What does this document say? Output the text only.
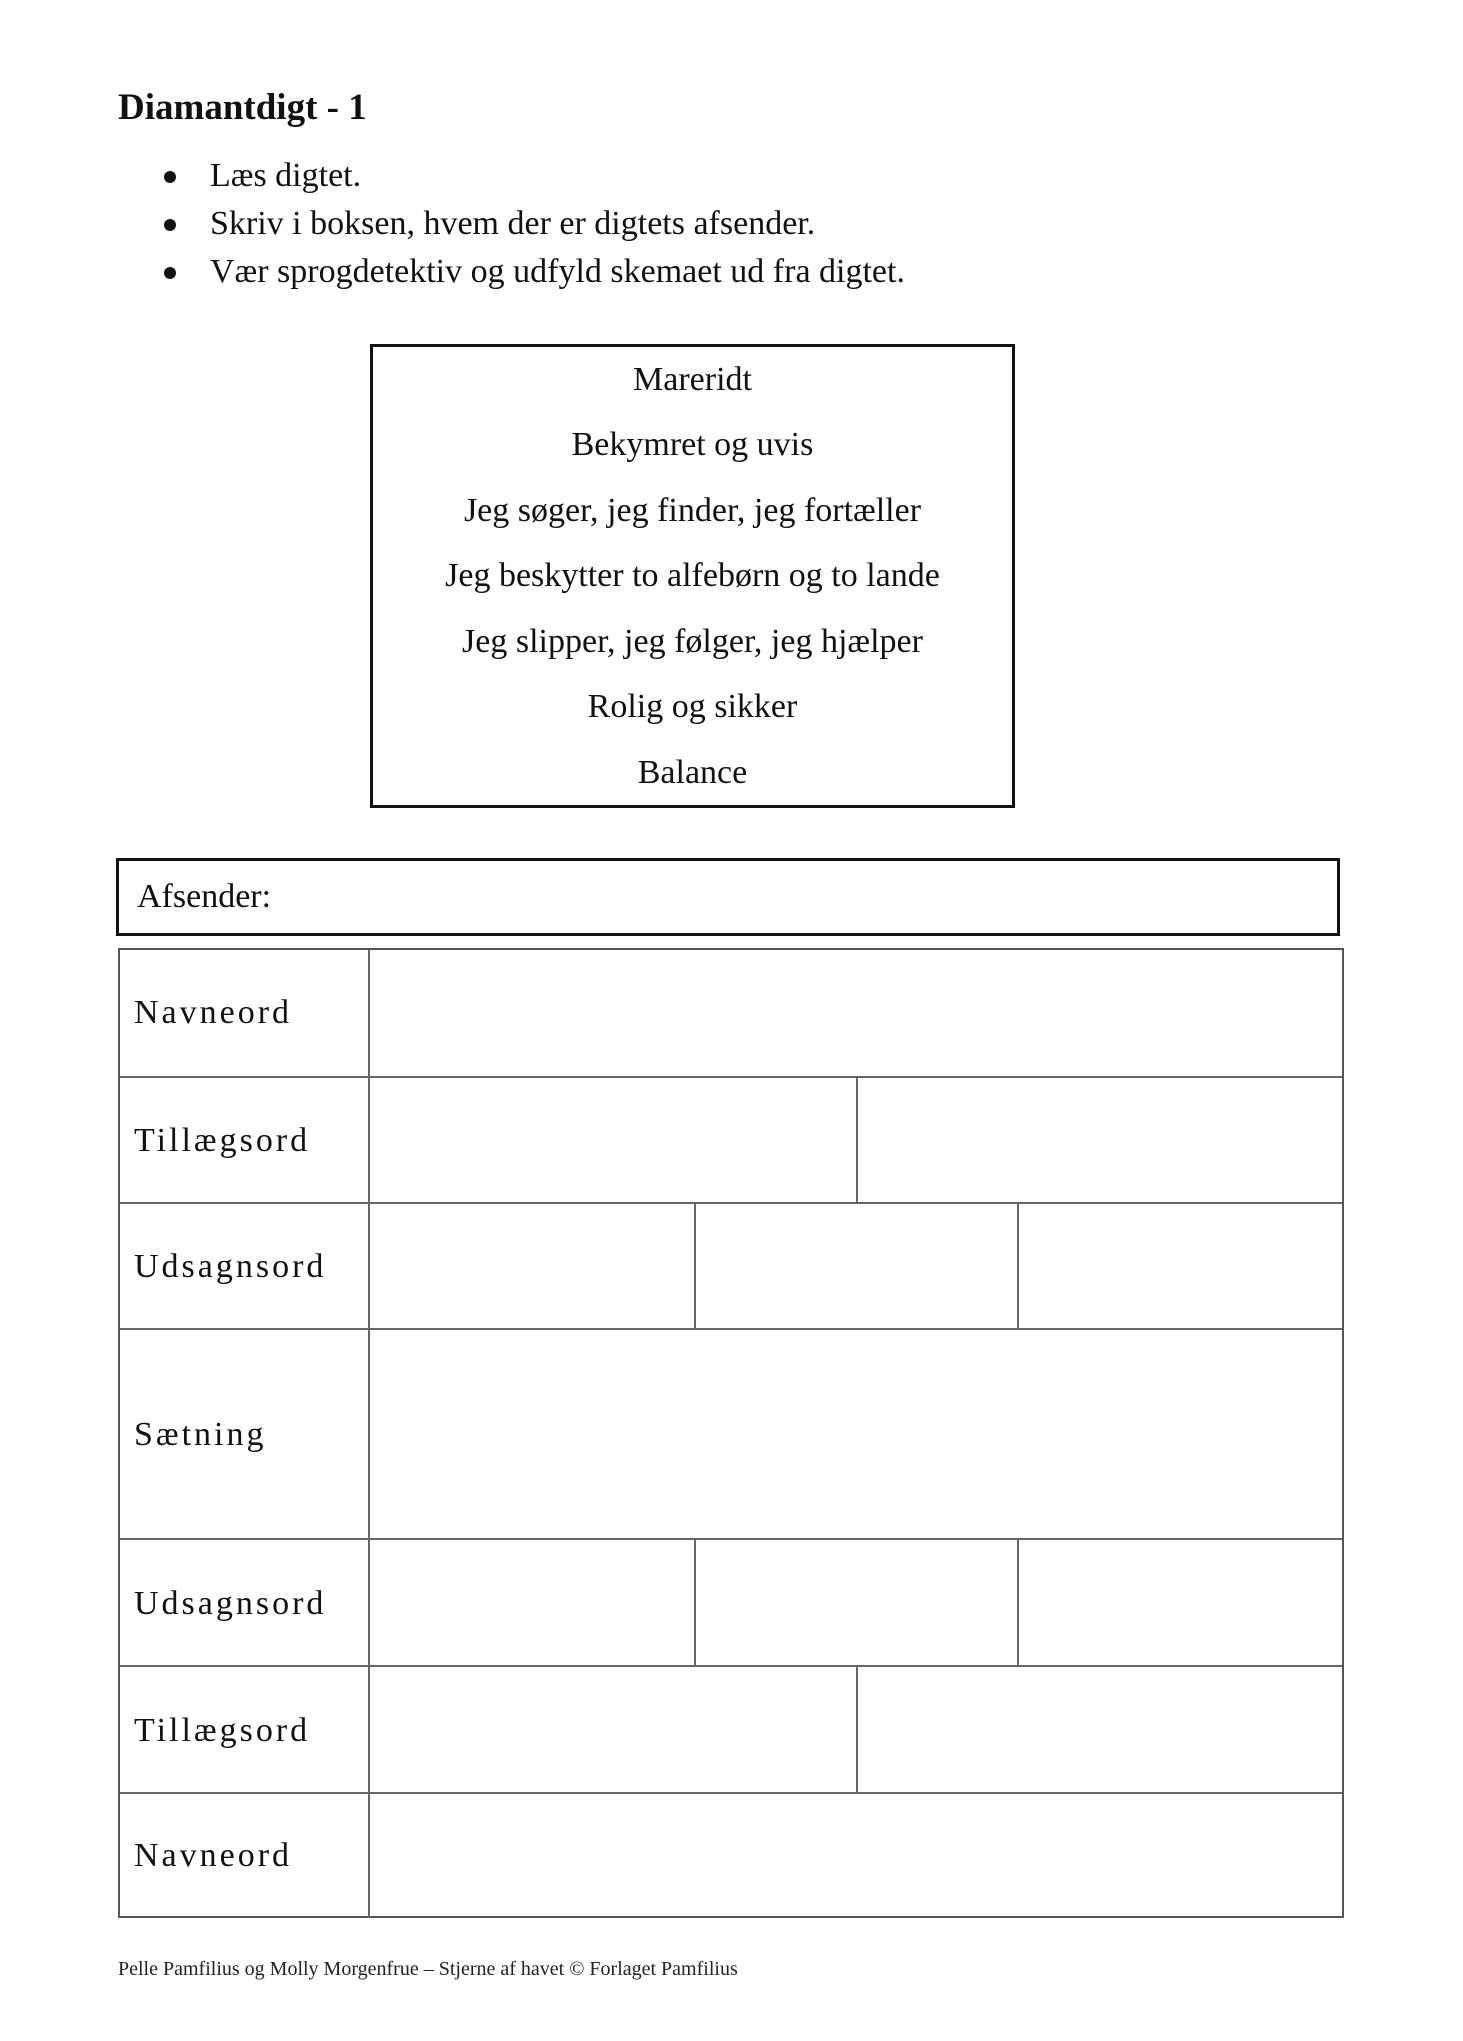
Diamantdigt - 1
Læs digtet.
Skriv i boksen, hvem der er digtets afsender.
Vær sprogdetektiv og udfyld skemaet ud fra digtet.
Mareridt
Bekymret og uvis
Jeg søger, jeg finder, jeg fortæller
Jeg beskytter to alfebørn og to lande
Jeg slipper, jeg følger, jeg hjælper
Rolig og sikker
Balance
Afsender:
Navneord
Tillægsord
Udsagnsord
Sætning
Udsagnsord
Tillægsord
Navneord

Pelle Pamfilius og Molly Morgenfrue – Stjerne af havet © Forlaget Pamfilius
